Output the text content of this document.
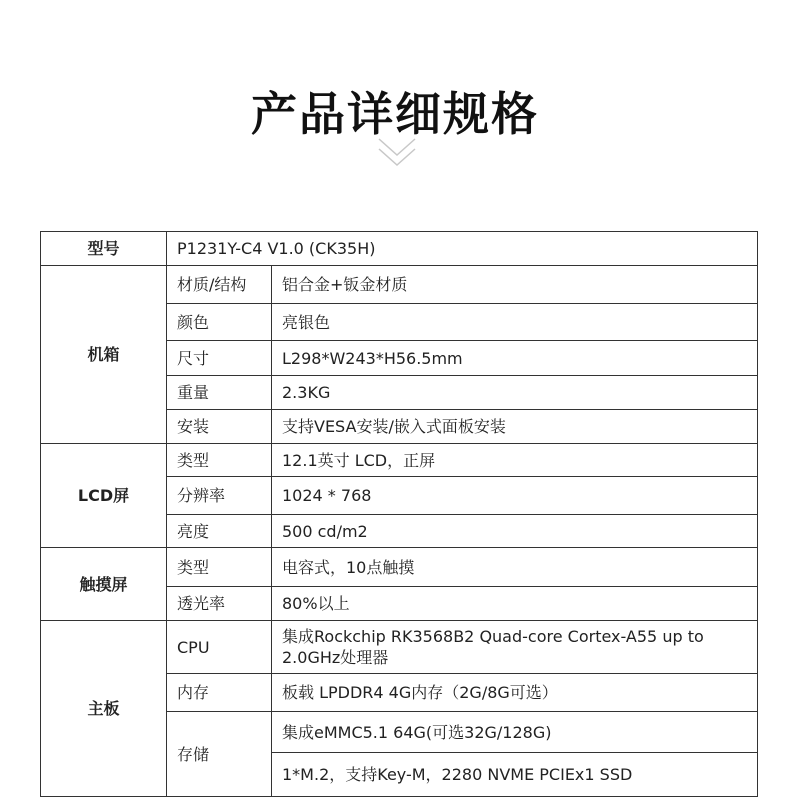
产品详细规格
型号	P1231Y-C4 V1.0 (CK35H)	
机箱	材质/结构	铝合金+钣金材质
	颜色	亮银色
	尺寸	L298*W243*H56.5mm
	重量	2.3KG
	安装	支持VESA安装/嵌入式面板安装
LCD屏	类型	12.1英寸 LCD，正屏
	分辨率	1024 * 768
	亮度	500 cd/m2
触摸屏	类型	电容式，10点触摸
	透光率	80%以上
主板	CPU	集成Rockchip RK3568B2 Quad-core Cortex-A55 up to 2.0GHz处理器
	内存	板载 LPDDR4 4G内存（2G/8G可选）
	存储	集成eMMC5.1 64G(可选32G/128G)
		1*M.2，支持Key-M，2280 NVME PCIEx1 SSD
